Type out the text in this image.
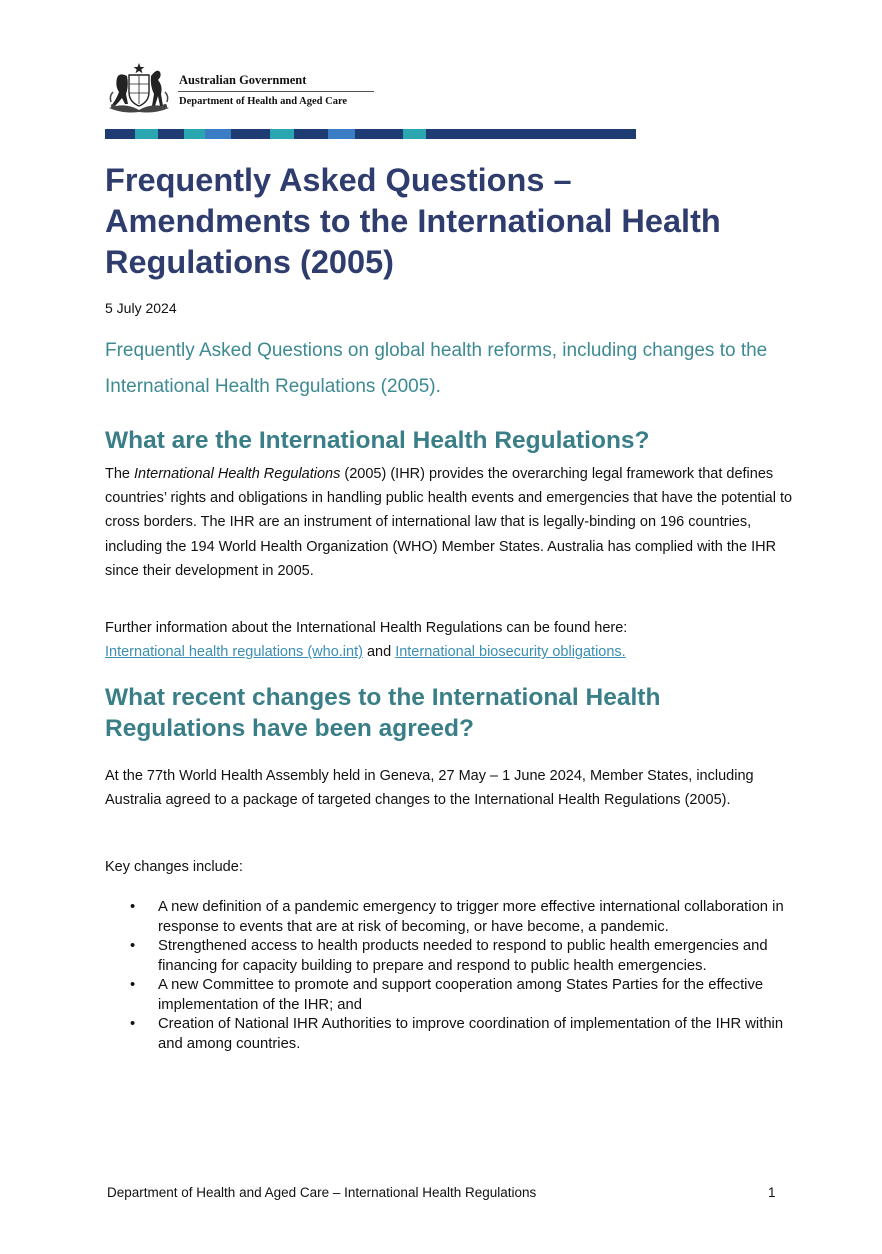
Australian Government
Department of Health and Aged Care
Frequently Asked Questions – Amendments to the International Health Regulations (2005)
5 July 2024
Frequently Asked Questions on global health reforms, including changes to the International Health Regulations (2005).
What are the International Health Regulations?
The International Health Regulations (2005) (IHR) provides the overarching legal framework that defines countries’ rights and obligations in handling public health events and emergencies that have the potential to cross borders. The IHR are an instrument of international law that is legally-binding on 196 countries, including the 194 World Health Organization (WHO) Member States. Australia has complied with the IHR since their development in 2005.
Further information about the International Health Regulations can be found here:
International health regulations (who.int) and International biosecurity obligations.
What recent changes to the International Health Regulations have been agreed?
At the 77th World Health Assembly held in Geneva, 27 May – 1 June 2024, Member States, including Australia agreed to a package of targeted changes to the International Health Regulations (2005).
Key changes include:
• A new definition of a pandemic emergency to trigger more effective international collaboration in response to events that are at risk of becoming, or have become, a pandemic.
• Strengthened access to health products needed to respond to public health emergencies and financing for capacity building to prepare and respond to public health emergencies.
• A new Committee to promote and support cooperation among States Parties for the effective implementation of the IHR; and
• Creation of National IHR Authorities to improve coordination of implementation of the IHR within and among countries.
Department of Health and Aged Care – International Health Regulations	1
